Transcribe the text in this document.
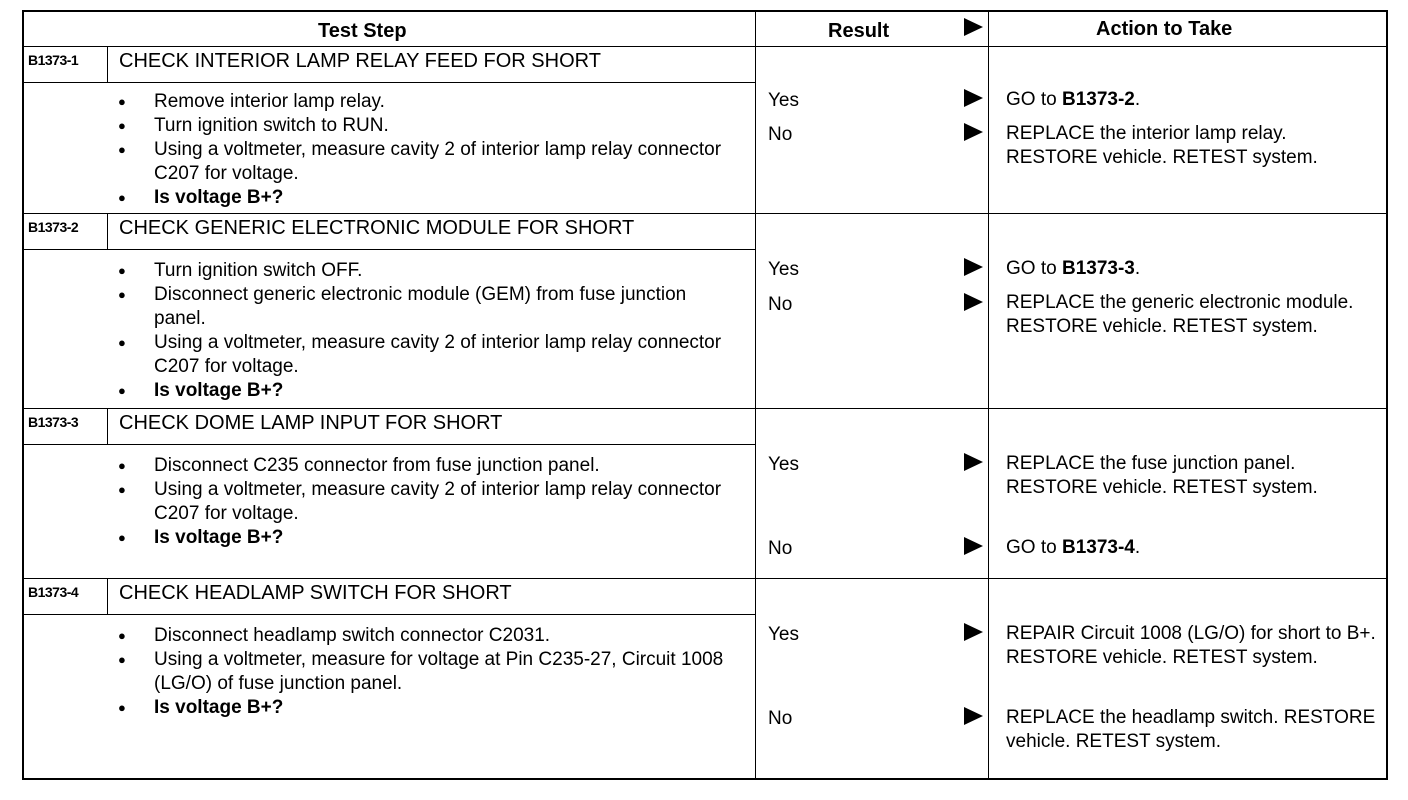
Test Step	Result	Action to Take
B1373-1 CHECK INTERIOR LAMP RELAY FEED FOR SHORT
● Remove interior lamp relay.
● Turn ignition switch to RUN.
● Using a voltmeter, measure cavity 2 of interior lamp relay connector C207 for voltage.
● Is voltage B+?
Yes	GO to B1373-2.
No	REPLACE the interior lamp relay. RESTORE vehicle. RETEST system.
B1373-2 CHECK GENERIC ELECTRONIC MODULE FOR SHORT
● Turn ignition switch OFF.
● Disconnect generic electronic module (GEM) from fuse junction panel.
● Using a voltmeter, measure cavity 2 of interior lamp relay connector C207 for voltage.
● Is voltage B+?
Yes	GO to B1373-3.
No	REPLACE the generic electronic module. RESTORE vehicle. RETEST system.
B1373-3 CHECK DOME LAMP INPUT FOR SHORT
● Disconnect C235 connector from fuse junction panel.
● Using a voltmeter, measure cavity 2 of interior lamp relay connector C207 for voltage.
● Is voltage B+?
Yes	REPLACE the fuse junction panel. RESTORE vehicle. RETEST system.
No	GO to B1373-4.
B1373-4 CHECK HEADLAMP SWITCH FOR SHORT
● Disconnect headlamp switch connector C2031.
● Using a voltmeter, measure for voltage at Pin C235-27, Circuit 1008 (LG/O) of fuse junction panel.
● Is voltage B+?
Yes	REPAIR Circuit 1008 (LG/O) for short to B+. RESTORE vehicle. RETEST system.
No	REPLACE the headlamp switch. RESTORE vehicle. RETEST system.
